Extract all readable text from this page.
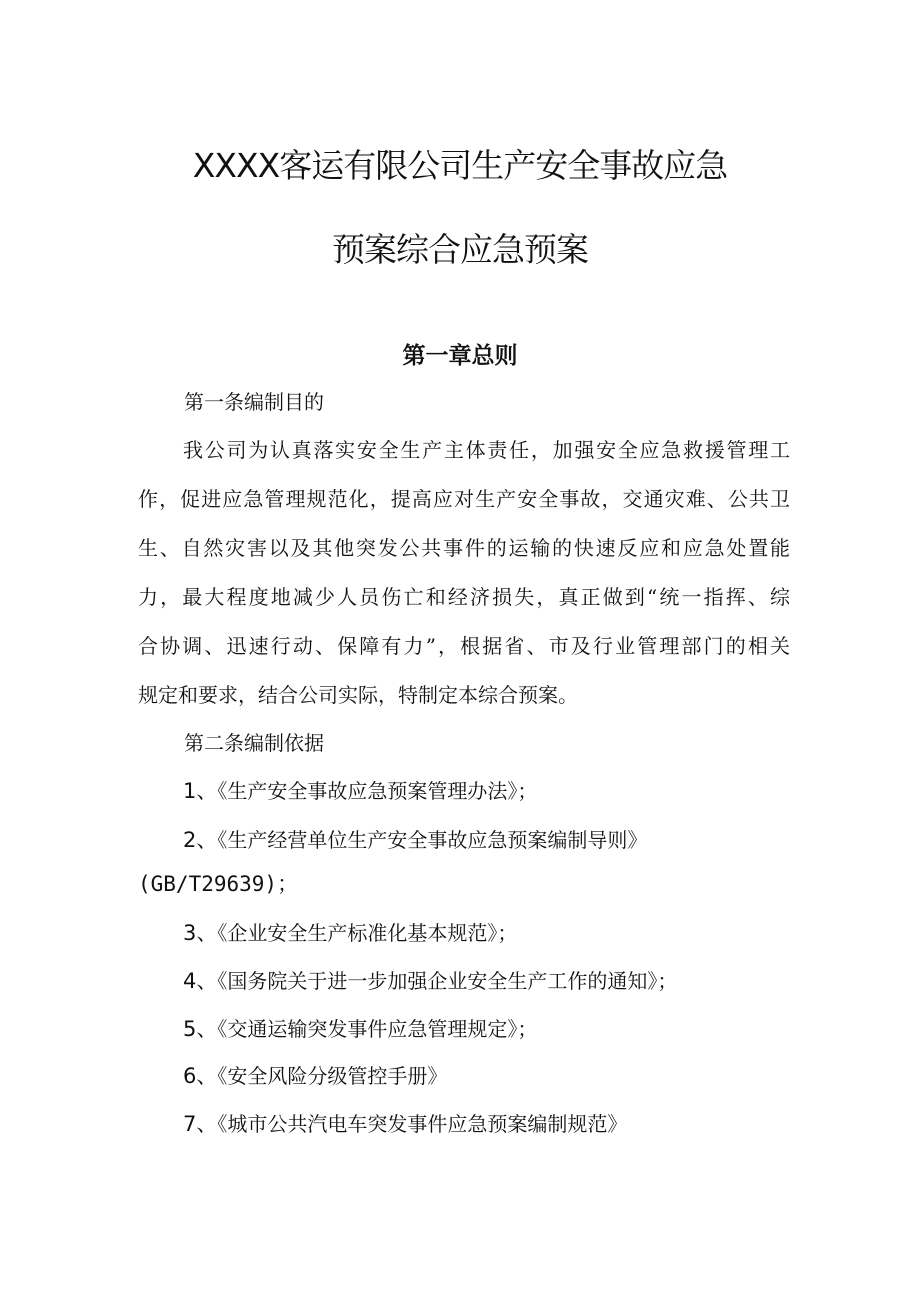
XXXX客运有限公司生产安全事故应急
预案综合应急预案
第一章总则
第一条编制目的
我公司为认真落实安全生产主体责任，加强安全应急救援管理工
作，促进应急管理规范化，提高应对生产安全事故，交通灾难、公共卫
生、自然灾害以及其他突发公共事件的运输的快速反应和应急处置能
力，最大程度地减少人员伤亡和经济损失，真正做到“统一指挥、综
合协调、迅速行动、保障有力”，根据省、市及行业管理部门的相关
规定和要求，结合公司实际，特制定本综合预案。
第二条编制依据
1、《生产安全事故应急预案管理办法》；
2、《生产经营单位生产安全事故应急预案编制导则》
(GB/T29639)；
3、《企业安全生产标准化基本规范》；
4、《国务院关于进一步加强企业安全生产工作的通知》；
5、《交通运输突发事件应急管理规定》；
6、《安全风险分级管控手册》
7、《城市公共汽电车突发事件应急预案编制规范》
